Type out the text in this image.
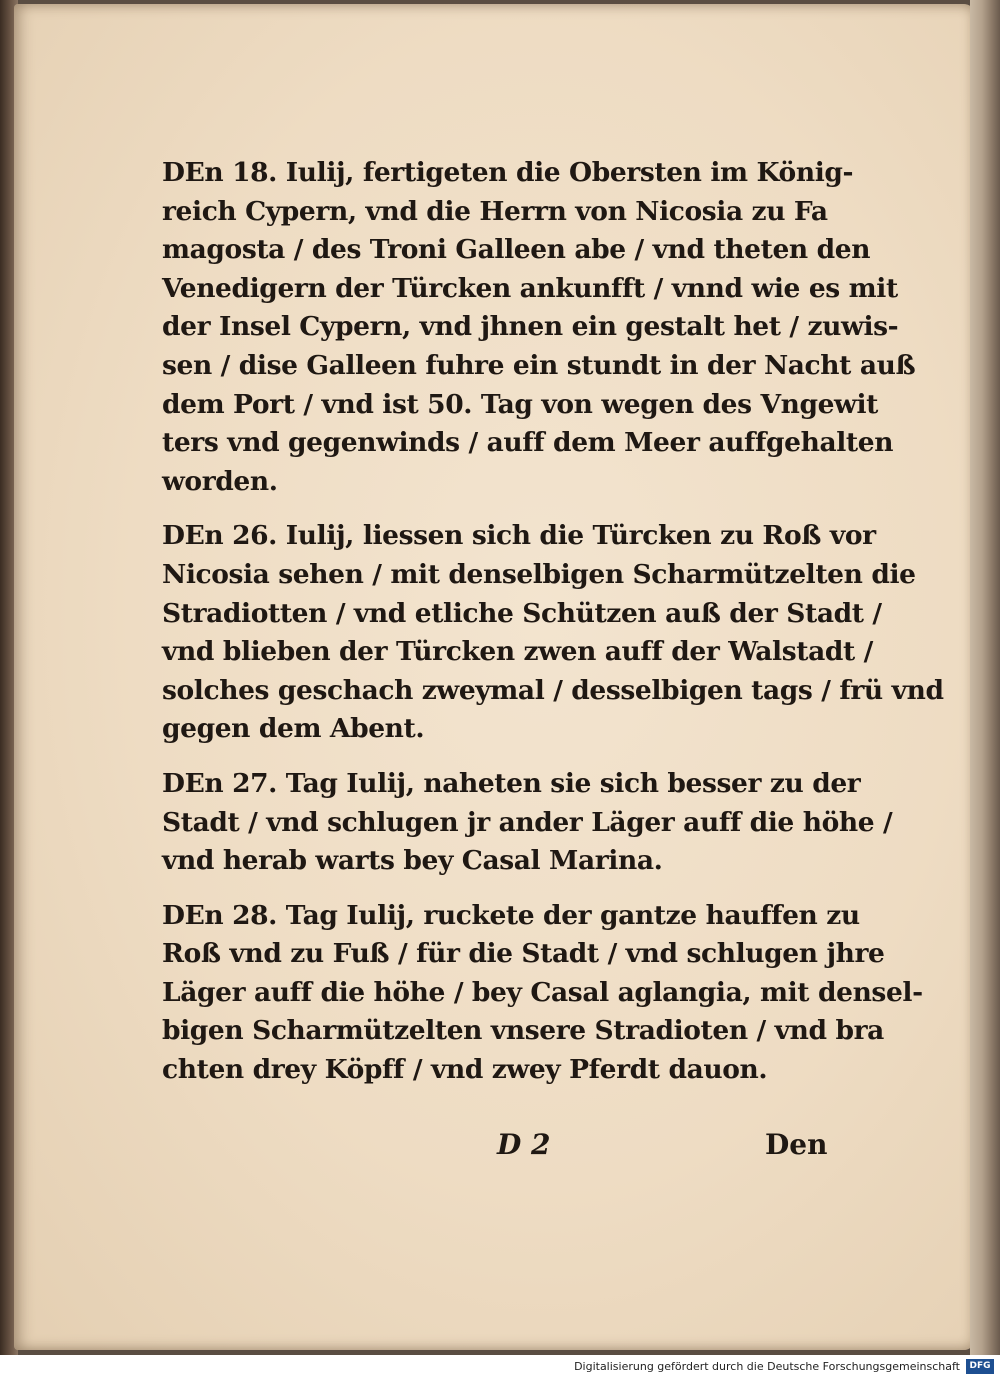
DEn 18. Iulij, fertigeten die Obersten im König-
reich Cypern, vnd die Herrn von Nicosia zu Fa
magosta / des Troni Galleen abe / vnd theten den
Venedigern der Türcken ankunfft / vnnd wie es mit
der Insel Cypern, vnd jhnen ein gestalt het / zuwis-
sen / dise Galleen fuhre ein stundt in der Nacht auß
dem Port / vnd ist 50. Tag von wegen des Vngewit
ters vnd gegenwinds / auff dem Meer auffgehalten
worden.
DEn 26. Iulij, liessen sich die Türcken zu Roß vor
Nicosia sehen / mit denselbigen Scharmützelten die
Stradiotten / vnd etliche Schützen auß der Stadt /
vnd blieben der Türcken zwen auff der Walstadt /
solches geschach zweymal / desselbigen tags / frü vnd
gegen dem Abent.
DEn 27. Tag Iulij, naheten sie sich besser zu der
Stadt / vnd schlugen jr ander Läger auff die höhe /
vnd herab warts bey Casal Marina.
DEn 28. Tag Iulij, ruckete der gantze hauffen zu
Roß vnd zu Fuß / für die Stadt / vnd schlugen jhre
Läger auff die höhe / bey Casal aglangia, mit densel-
bigen Scharmützelten vnsere Stradioten / vnd bra
chten drey Köpff / vnd zwey Pferdt dauon.
D 2	Den
Digitalisierung gefördert durch die Deutsche Forschungsgemeinschaft	DFG
